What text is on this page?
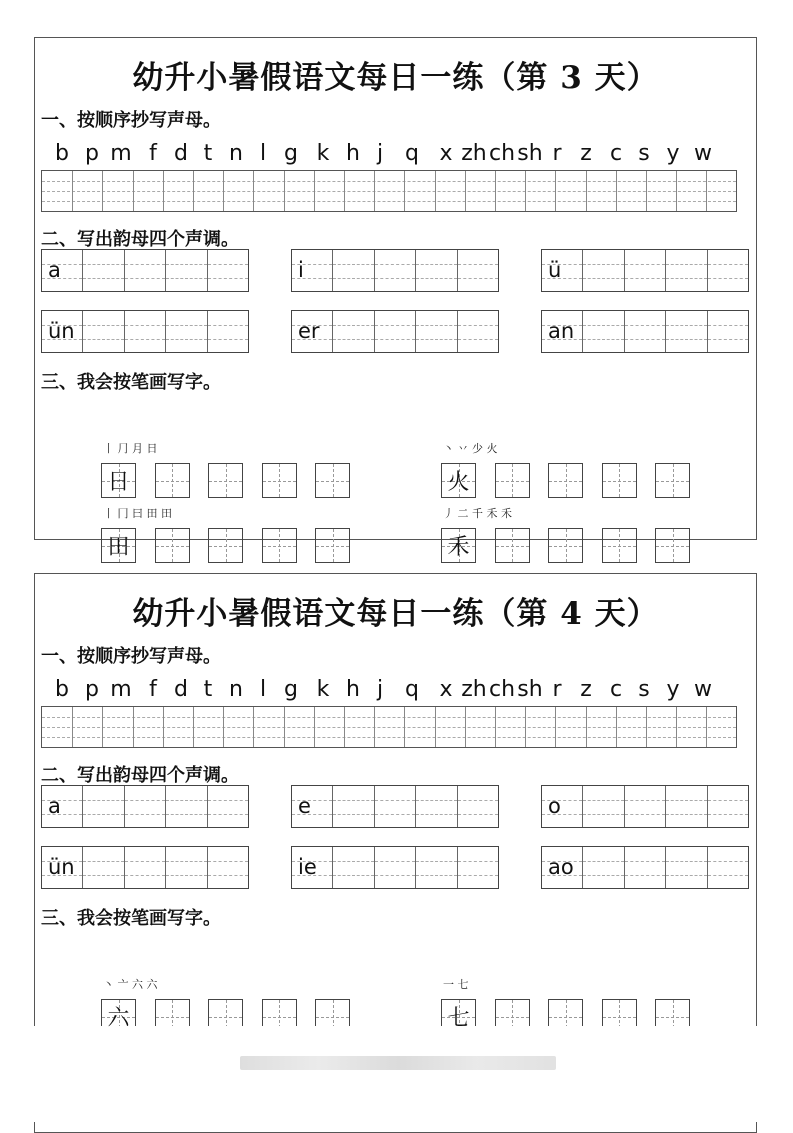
幼升小暑假语文每日一练（第 3 天）
一、按顺序抄写声母。
b p m f d t n l g k h j q x zh ch sh r z c s y w
二、写出韵母四个声调。
a	i	ü
ün	er	an
三、我会按笔画写字。
丨 ⺆ 月 日
日
丶 丷 少 火
火
丨 冂 曰 田 田
田
丿 二 千 禾 禾
禾
幼升小暑假语文每日一练（第 4 天）
一、按顺序抄写声母。
b p m f d t n l g k h j q x zh ch sh r z c s y w
二、写出韵母四个声调。
a	e	o
ün	ie	ao
三、我会按笔画写字。
丶 亠 六 六
六
一 七
七
